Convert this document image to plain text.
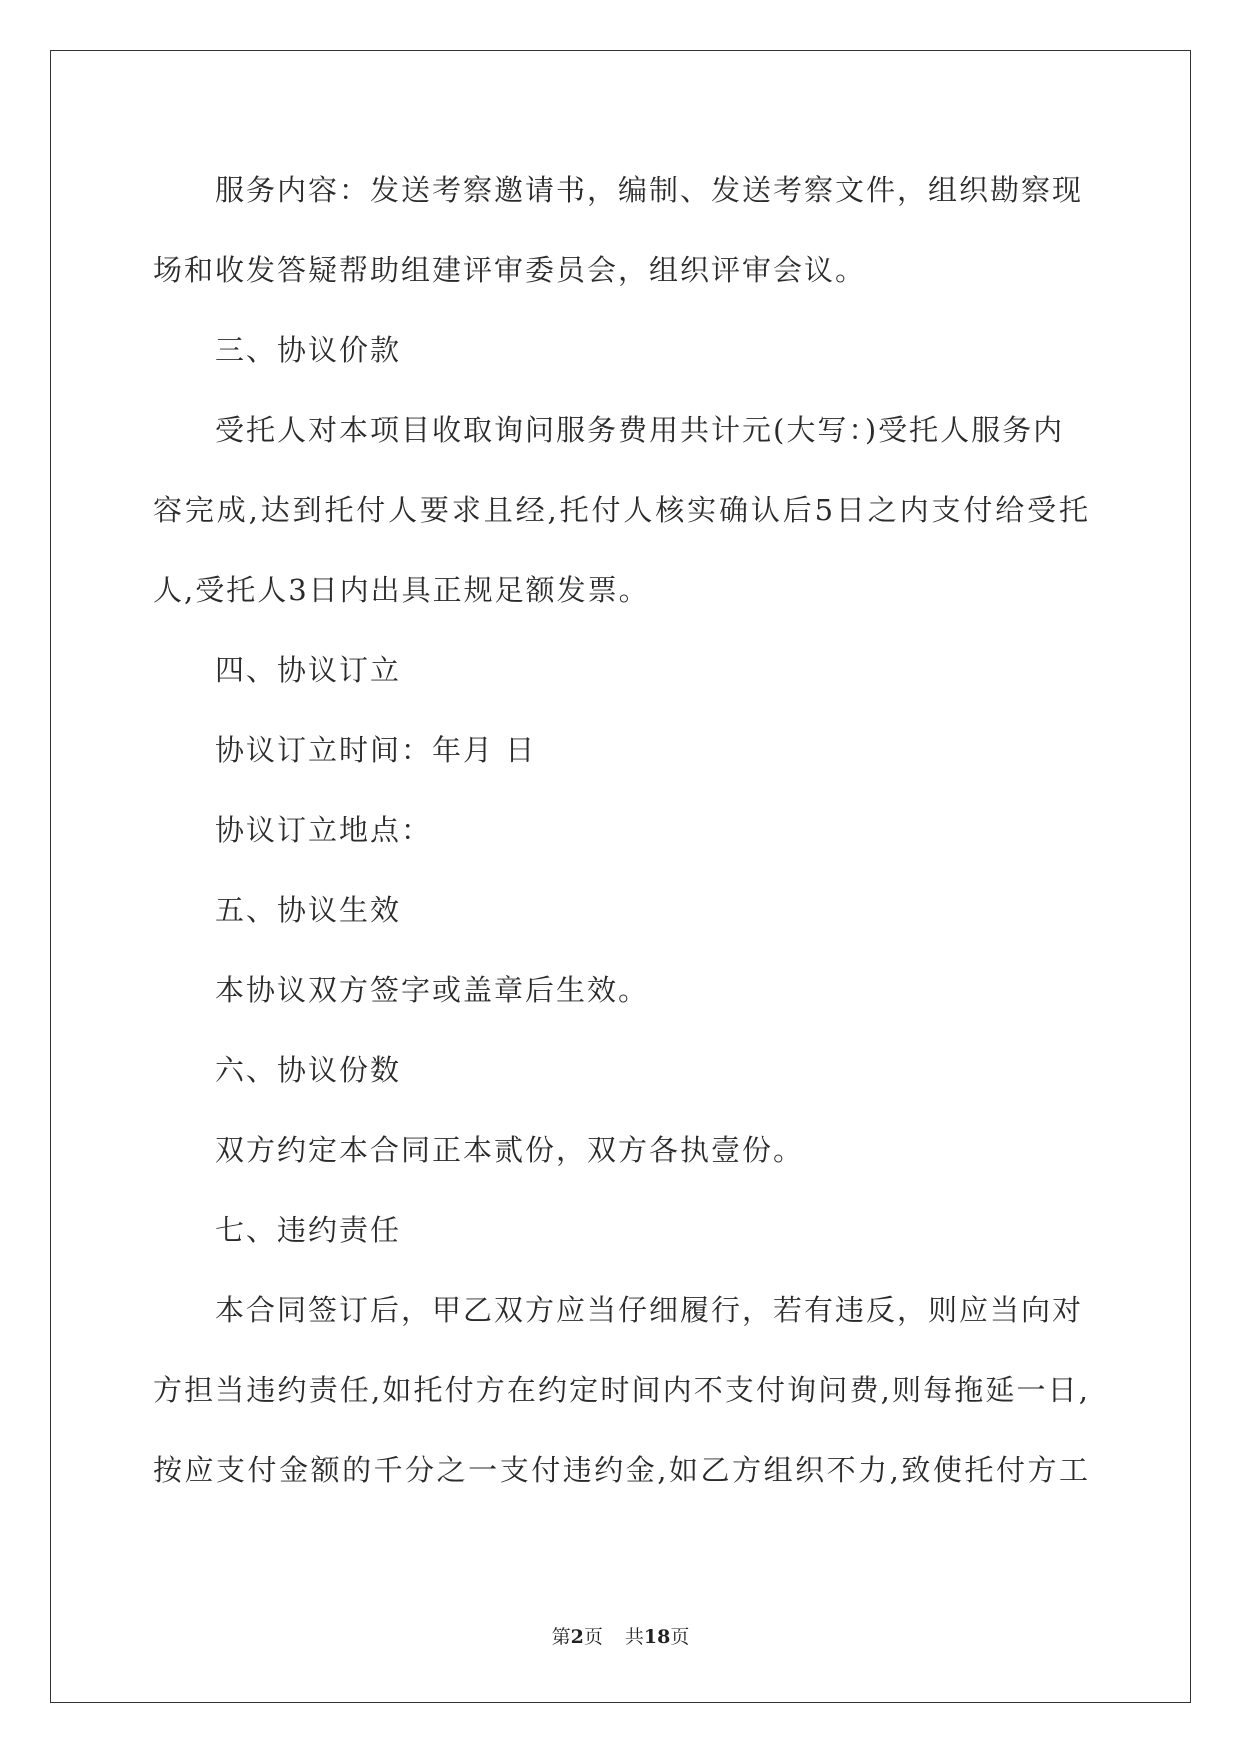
服务内容：发送考察邀请书，编制、发送考察文件，组织勘察现
场和收发答疑帮助组建评审委员会，组织评审会议。
三、协议价款
受托人对本项目收取询问服务费用共计元(大写：)受托人服务内
容完成,达到托付人要求且经,托付人核实确认后5日之内支付给受托
人,受托人3日内出具正规足额发票。
四、协议订立
协议订立时间：年月 日
协议订立地点：
五、协议生效
本协议双方签字或盖章后生效。
六、协议份数
双方约定本合同正本贰份，双方各执壹份。
七、违约责任
本合同签订后，甲乙双方应当仔细履行，若有违反，则应当向对
方担当违约责任,如托付方在约定时间内不支付询问费,则每拖延一日,
按应支付金额的千分之一支付违约金,如乙方组织不力,致使托付方工
第2页 共18页
